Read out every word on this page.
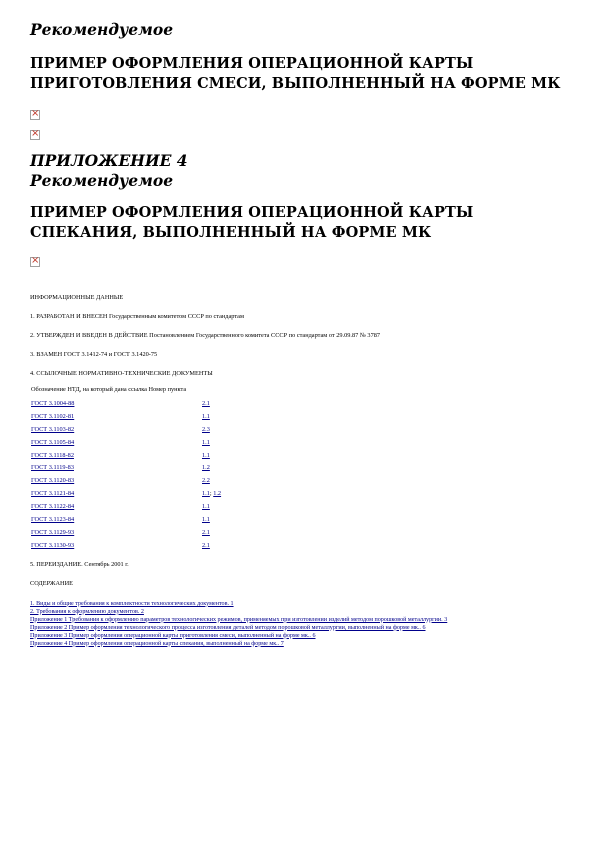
Рекомендуемое

ПРИМЕР ОФОРМЛЕНИЯ ОПЕРАЦИОННОЙ КАРТЫ

ПРИГОТОВЛЕНИЯ СМЕСИ, ВЫПОЛНЕННЫЙ НА ФОРМЕ МК

×
×

ПРИЛОЖЕНИЕ 4

Рекомендуемое

ПРИМЕР ОФОРМЛЕНИЯ ОПЕРАЦИОННОЙ КАРТЫ

СПЕКАНИЯ, ВЫПОЛНЕННЫЙ НА ФОРМЕ МК

×

ИНФОРМАЦИОННЫЕ ДАННЫЕ

1. РАЗРАБОТАН И ВНЕСЕН Государственным комитетом СССР по стандартам

2. УТВЕРЖДЕН И ВВЕДЕН В ДЕЙСТВИЕ Постановлением Государственного комитета СССР по стандартам от 29.09.87 № 3787

3. ВЗАМЕН ГОСТ 3.1412-74 и ГОСТ 3.1420-75

4. ССЫЛОЧНЫЕ НОРМАТИВНО-ТЕХНИЧЕСКИЕ ДОКУМЕНТЫ

Обозначение НТД, на который дана ссылка Номер пункта	
ГОСТ 3.1004-88	2.1
ГОСТ 3.1102-81	1.1
ГОСТ 3.1103-82	2.3
ГОСТ 3.1105-84	1.1
ГОСТ 3.1118-82	1.1
ГОСТ 3.1119-83	1.2
ГОСТ 3.1120-83	2.2
ГОСТ 3.1121-84	1.1; 1.2
ГОСТ 3.1122-84	1.1
ГОСТ 3.1123-84	1.1
ГОСТ 3.1129-93	2.1
ГОСТ 3.1130-93	2.1

5. ПЕРЕИЗДАНИЕ. Сентябрь 2001 г.

СОДЕРЖАНИЕ

1. Виды и общие требования к комплектности технологических документов. 1

2. Требования к оформлению документов. 2

Приложение 1 Требования к оформлению параметров технологических режимов, применяемых при изготовлении изделий методом порошковой металлургии. 3

Приложение 2 Пример оформления технологического процесса изготовления деталей методом порошковой металлургии, выполненный на форме мк.. 6

Приложение 3 Пример оформления операционной карты приготовления смеси, выполненный на форме мк.. 6

Приложение 4 Пример оформления операционной карты спекания, выполненный на форме мк.. 7
